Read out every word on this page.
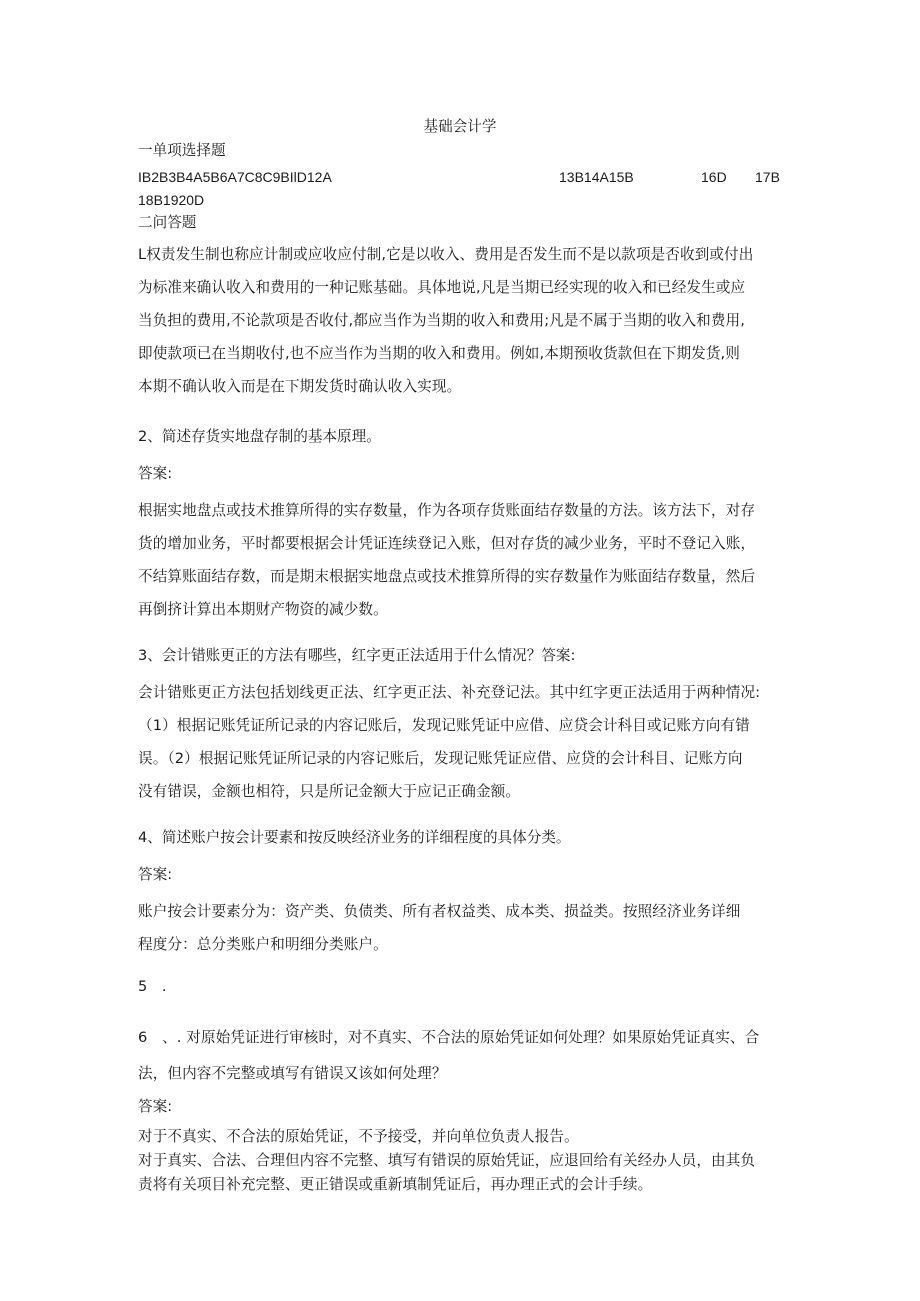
基础会计学
一单项选择题
IB2B3B4A5B6A7C8C9BIlD12A	13B14A15B	16D 17B
18B1920D
二问答题
L权责发生制也称应计制或应收应付制,它是以收入、费用是否发生而不是以款项是否收到或付出
为标准来确认收入和费用的一种记账基础。具体地说,凡是当期已经实现的收入和已经发生或应
当负担的费用,不论款项是否收付,都应当作为当期的收入和费用;凡是不属于当期的收入和费用,
即使款项已在当期收付,也不应当作为当期的收入和费用。例如,本期预收货款但在下期发货,则
本期不确认收入而是在下期发货时确认收入实现。
2、简述存货实地盘存制的基本原理。
答案:
根据实地盘点或技术推算所得的实存数量，作为各项存货账面结存数量的方法。该方法下，对存
货的增加业务，平时都要根据会计凭证连续登记入账，但对存货的减少业务，平时不登记入账，
不结算账面结存数，而是期末根据实地盘点或技术推算所得的实存数量作为账面结存数量，然后
再倒挤计算出本期财产物资的减少数。
3、会计错账更正的方法有哪些，红字更正法适用于什么情况？答案:
会计错账更正方法包括划线更正法、红字更正法、补充登记法。其中红字更正法适用于两种情况:
（1）根据记账凭证所记录的内容记账后，发现记账凭证中应借、应贷会计科目或记账方向有错
误。（2）根据记账凭证所记录的内容记账后，发现记账凭证应借、应贷的会计科目、记账方向
没有错误，金额也相符，只是所记金额大于应记正确金额。
4、简述账户按会计要素和按反映经济业务的详细程度的具体分类。
答案:
账户按会计要素分为：资产类、负债类、所有者权益类、成本类、损益类。按照经济业务详细
程度分：总分类账户和明细分类账户。
5　.
6　、. 对原始凭证进行审核时，对不真实、不合法的原始凭证如何处理？如果原始凭证真实、合
法，但内容不完整或填写有错误又该如何处理？
答案:
对于不真实、不合法的原始凭证，不予接受，并向单位负责人报告。
对于真实、合法、合理但内容不完整、填写有错误的原始凭证，应退回给有关经办人员，由其负
责将有关项目补充完整、更正错误或重新填制凭证后，再办理正式的会计手续。
